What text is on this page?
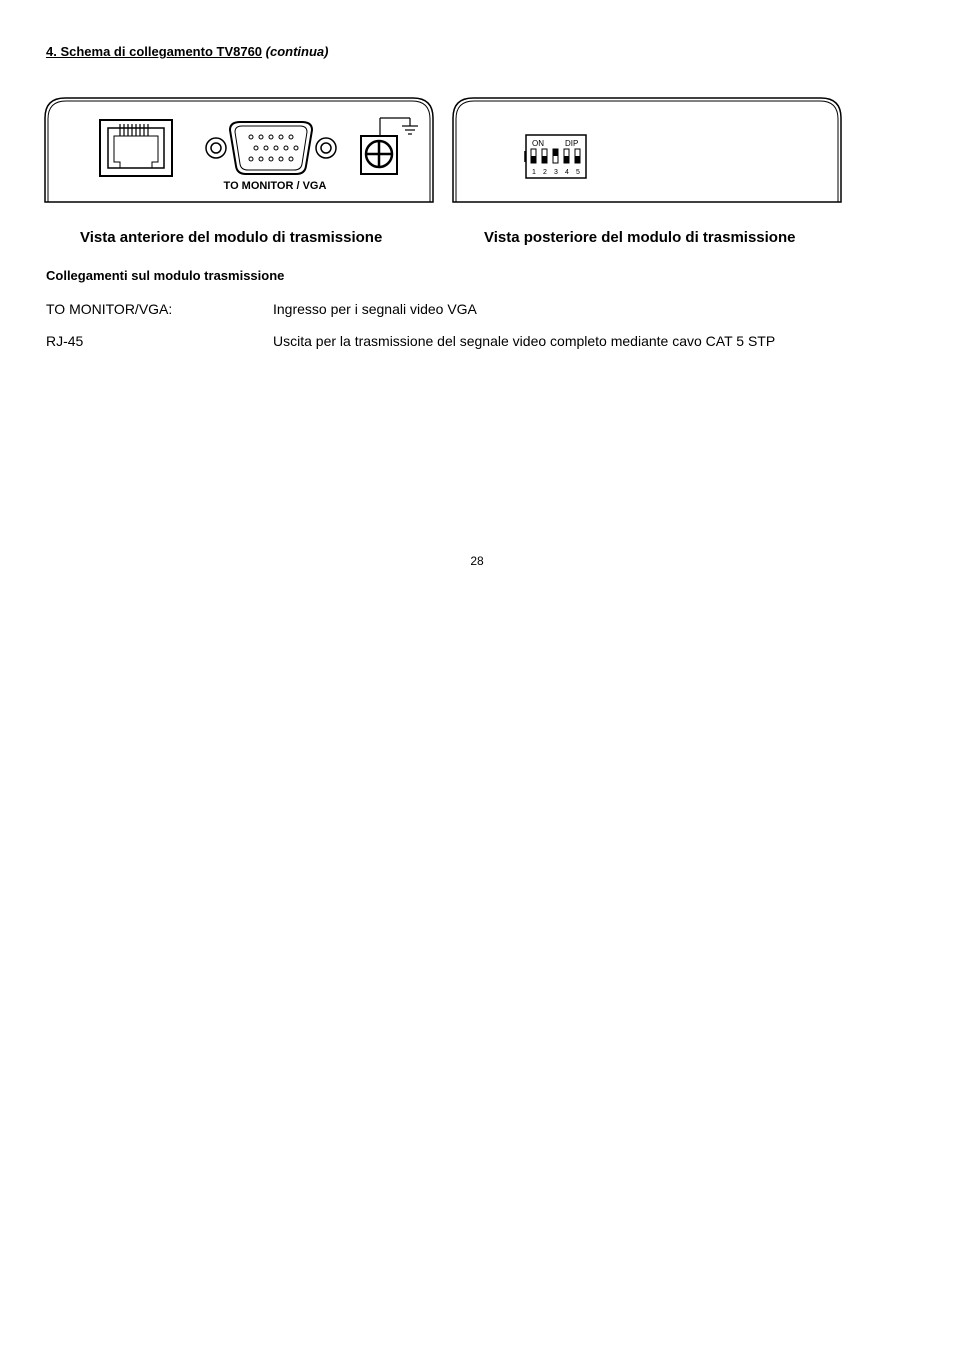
4. Schema di collegamento TV8760 (continua)
TO MONITOR / VGA
ON	DIP
1 2 3 4 5
Vista anteriore del modulo di trasmissione	Vista posteriore del modulo di trasmissione
Collegamenti sul modulo trasmissione
TO MONITOR/VGA:	Ingresso per i segnali video VGA
RJ-45	Uscita per la trasmissione del segnale video completo mediante cavo CAT 5 STP
28
